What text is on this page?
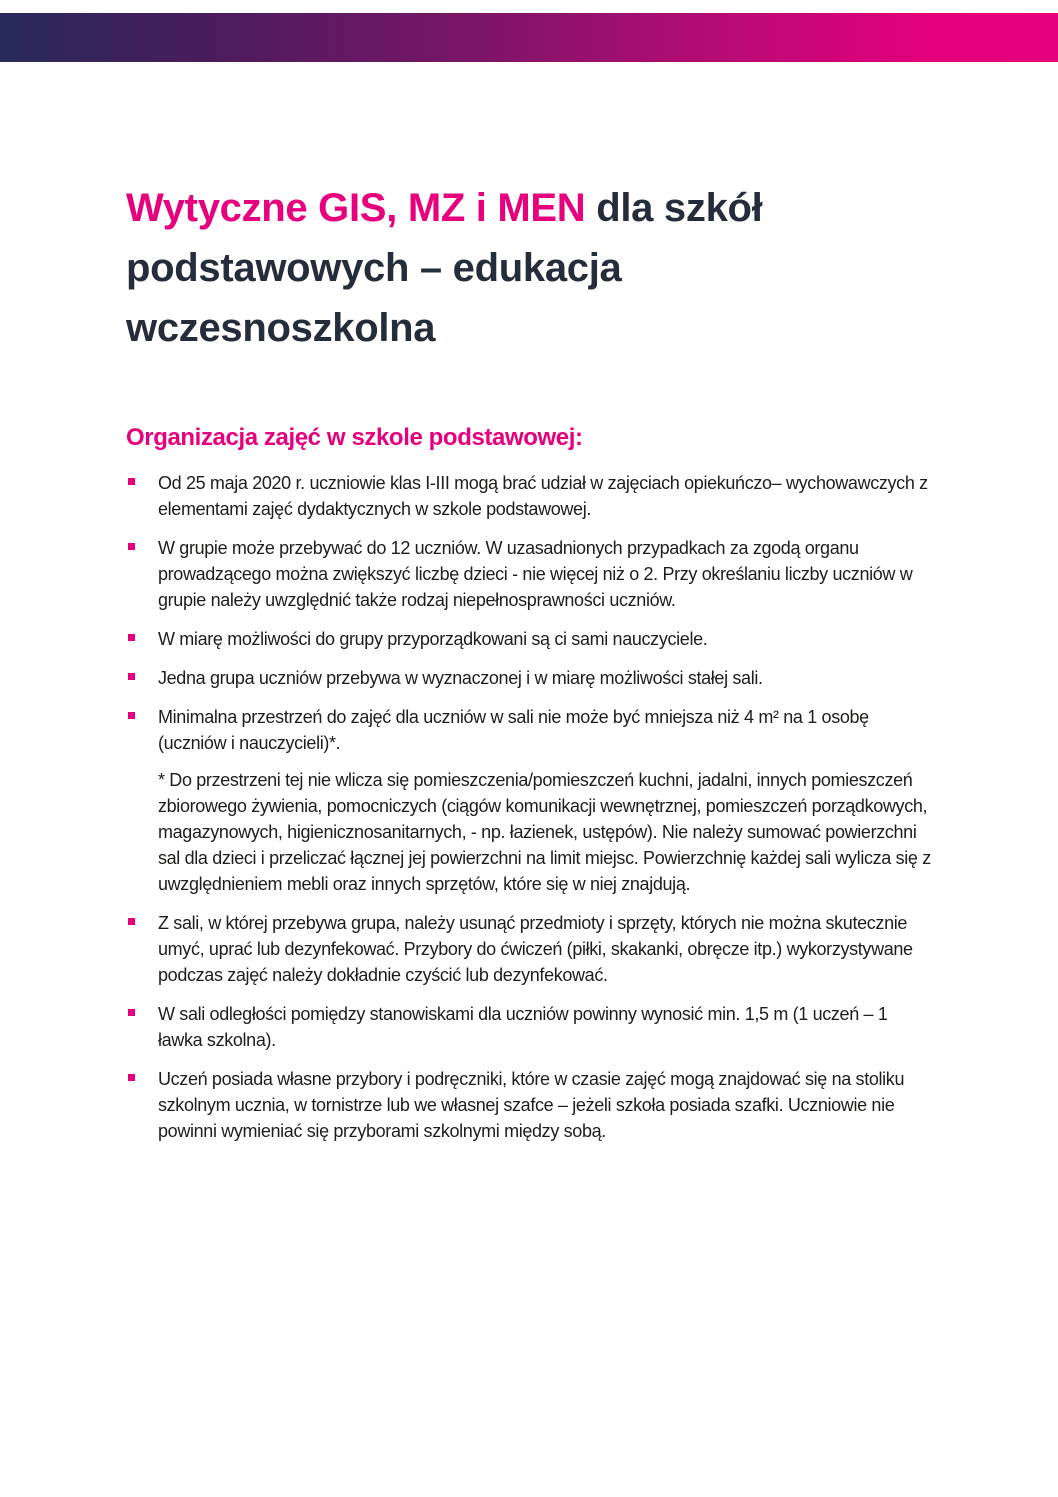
Wytyczne GIS, MZ i MEN dla szkół podstawowych – edukacja wczesnoszkolna
Organizacja zajęć w szkole podstawowej:
Od 25 maja 2020 r. uczniowie klas I-III mogą brać udział w zajęciach opiekuńczo– wychowawczych z elementami zajęć dydaktycznych w szkole podstawowej.
W grupie może przebywać do 12 uczniów. W uzasadnionych przypadkach za zgodą organu prowadzącego można zwiększyć liczbę dzieci - nie więcej niż o 2. Przy określaniu liczby uczniów w grupie należy uwzględnić także rodzaj niepełnosprawności uczniów.
W miarę możliwości do grupy przyporządkowani są ci sami nauczyciele.
Jedna grupa uczniów przebywa w wyznaczonej i w miarę możliwości stałej sali.
Minimalna przestrzeń do zajęć dla uczniów w sali nie może być mniejsza niż 4 m² na 1 osobę (uczniów i nauczycieli)*.
* Do przestrzeni tej nie wlicza się pomieszczenia/pomieszczeń kuchni, jadalni, innych pomieszczeń zbiorowego żywienia, pomocniczych (ciągów komunikacji wewnętrznej, pomieszczeń porządkowych, magazynowych, higienicznosanitarnych, - np. łazienek, ustępów). Nie należy sumować powierzchni sal dla dzieci i przeliczać łącznej jej powierzchni na limit miejsc. Powierzchnię każdej sali wylicza się z uwzględnieniem mebli oraz innych sprzętów, które się w niej znajdują.
Z sali, w której przebywa grupa, należy usunąć przedmioty i sprzęty, których nie można skutecznie umyć, uprać lub dezynfekować. Przybory do ćwiczeń (piłki, skakanki, obręcze itp.) wykorzystywane podczas zajęć należy dokładnie czyścić lub dezynfekować.
W sali odległości pomiędzy stanowiskami dla uczniów powinny wynosić min. 1,5 m (1 uczeń – 1 ławka szkolna).
Uczeń posiada własne przybory i podręczniki, które w czasie zajęć mogą znajdować się na stoliku szkolnym ucznia, w tornistrze lub we własnej szafce – jeżeli szkoła posiada szafki. Uczniowie nie powinni wymieniać się przyborami szkolnymi między sobą.
